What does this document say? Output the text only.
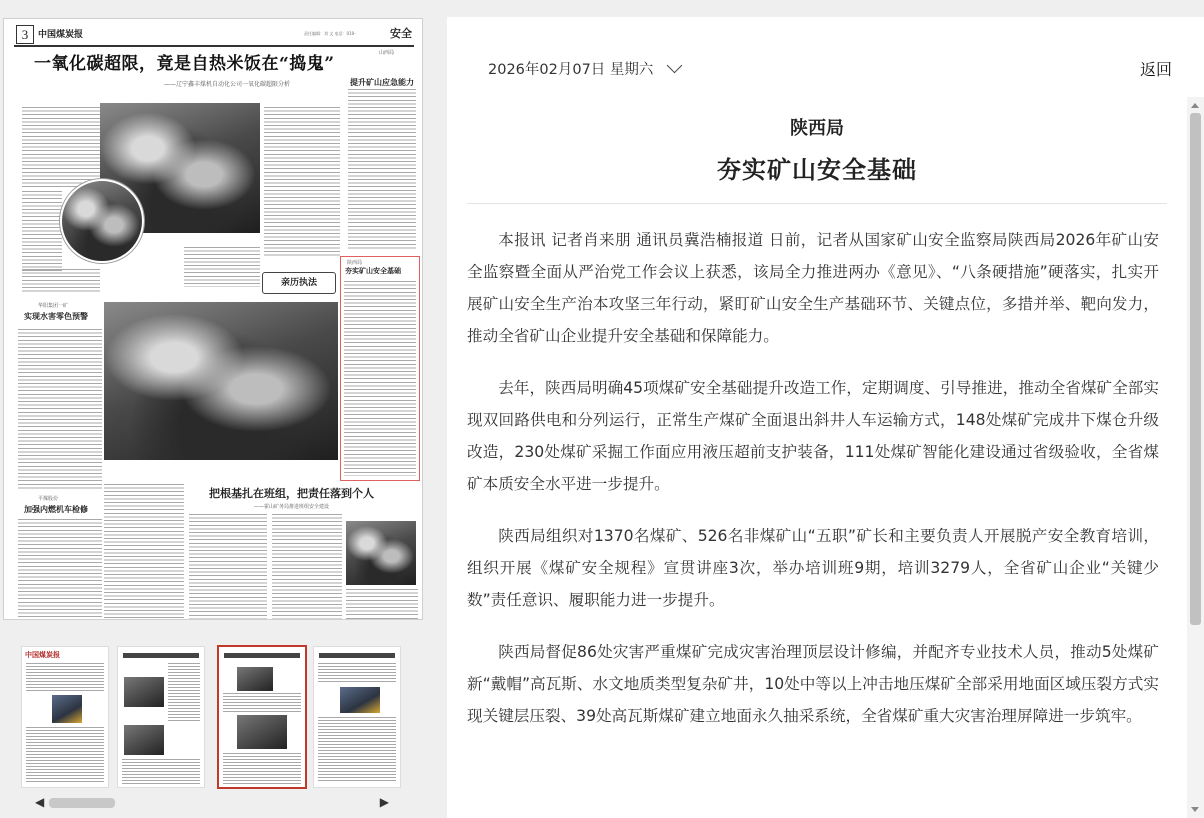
3	中国煤炭报	责任编辑：刘 文 电话：010-	安全
一氧化碳超限，竟是自热米饭在“捣鬼”
——辽宁鑫丰煤机自动化公司一氧化碳超限分析
山西局
提升矿山应急能力
亲历执法
华阳集团一矿
实现水害零色预警
平煤股份
加强内燃机车检修
把根基扎在班组，把责任落到个人
——霍山矿务局推进班组安全建设
陕西局
夯实矿山安全基础
中国煤炭报
◀	▶
2026年02月07日 星期六	返回
陕西局
夯实矿山安全基础

本报讯 记者肖来朋 通讯员冀浩楠报道 日前，记者从国家矿山安全监察局陕西局2026年矿山安全监察暨全面从严治党工作会议上获悉，该局全力推进两办《意见》、“八条硬措施”硬落实，扎实开展矿山安全生产治本攻坚三年行动，紧盯矿山安全生产基础环节、关键点位，多措并举、靶向发力，推动全省矿山企业提升安全基础和保障能力。

去年，陕西局明确45项煤矿安全基础提升改造工作，定期调度、引导推进，推动全省煤矿全部实现双回路供电和分列运行，正常生产煤矿全面退出斜井人车运输方式，148处煤矿完成井下煤仓升级改造，230处煤矿采掘工作面应用液压超前支护装备，111处煤矿智能化建设通过省级验收，全省煤矿本质安全水平进一步提升。

陕西局组织对1370名煤矿、526名非煤矿山“五职”矿长和主要负责人开展脱产安全教育培训，组织开展《煤矿安全规程》宣贯讲座3次，举办培训班9期，培训3279人，全省矿山企业“关键少数”责任意识、履职能力进一步提升。

陕西局督促86处灾害严重煤矿完成灾害治理顶层设计修编，并配齐专业技术人员，推动5处煤矿新“戴帽”高瓦斯、水文地质类型复杂矿井，10处中等以上冲击地压煤矿全部采用地面区域压裂方式实现关键层压裂、39处高瓦斯煤矿建立地面永久抽采系统，全省煤矿重大灾害治理屏障进一步筑牢。
